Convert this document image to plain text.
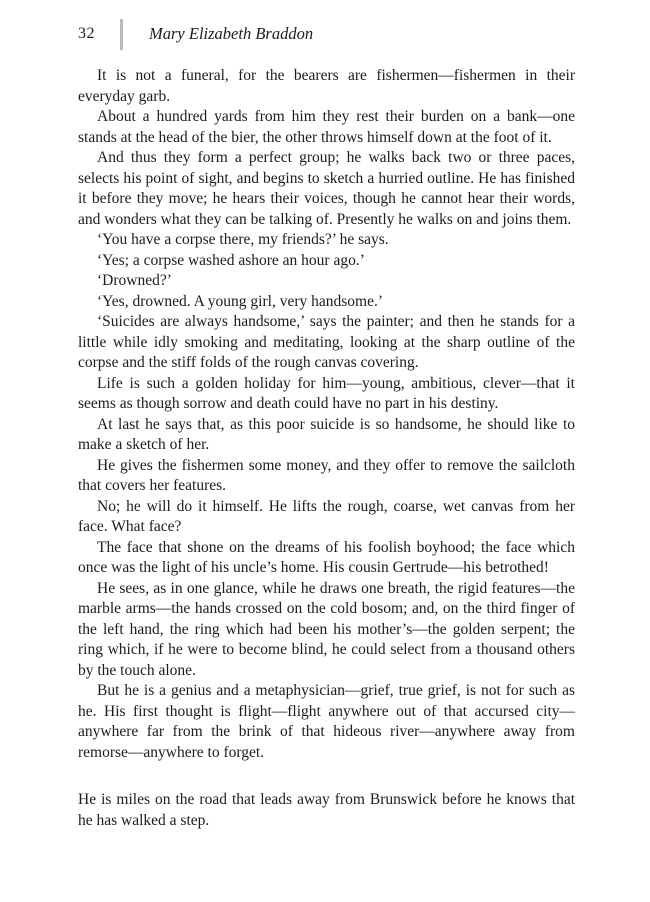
32	Mary Elizabeth Braddon

It is not a funeral, for the bearers are fishermen—fishermen in their everyday garb.

About a hundred yards from him they rest their burden on a bank—one stands at the head of the bier, the other throws himself down at the foot of it.

And thus they form a perfect group; he walks back two or three paces, selects his point of sight, and begins to sketch a hurried outline. He has finished it before they move; he hears their voices, though he cannot hear their words, and wonders what they can be talking of. Presently he walks on and joins them.

‘You have a corpse there, my friends?’ he says.

‘Yes; a corpse washed ashore an hour ago.’

‘Drowned?’

‘Yes, drowned. A young girl, very handsome.’

‘Suicides are always handsome,’ says the painter; and then he stands for a little while idly smoking and meditating, looking at the sharp outline of the corpse and the stiff folds of the rough canvas covering.

Life is such a golden holiday for him—young, ambitious, clever—that it seems as though sorrow and death could have no part in his destiny.

At last he says that, as this poor suicide is so handsome, he should like to make a sketch of her.

He gives the fishermen some money, and they offer to remove the sailcloth that covers her features.

No; he will do it himself. He lifts the rough, coarse, wet canvas from her face. What face?

The face that shone on the dreams of his foolish boyhood; the face which once was the light of his uncle’s home. His cousin Gertrude—his betrothed!

He sees, as in one glance, while he draws one breath, the rigid features—the marble arms—the hands crossed on the cold bosom; and, on the third finger of the left hand, the ring which had been his mother’s—the golden serpent; the ring which, if he were to become blind, he could select from a thousand others by the touch alone.

But he is a genius and a metaphysician—grief, true grief, is not for such as he. His first thought is flight—flight anywhere out of that accursed city—anywhere far from the brink of that hideous river—anywhere away from remorse—anywhere to forget.

He is miles on the road that leads away from Brunswick before he knows that he has walked a step.
